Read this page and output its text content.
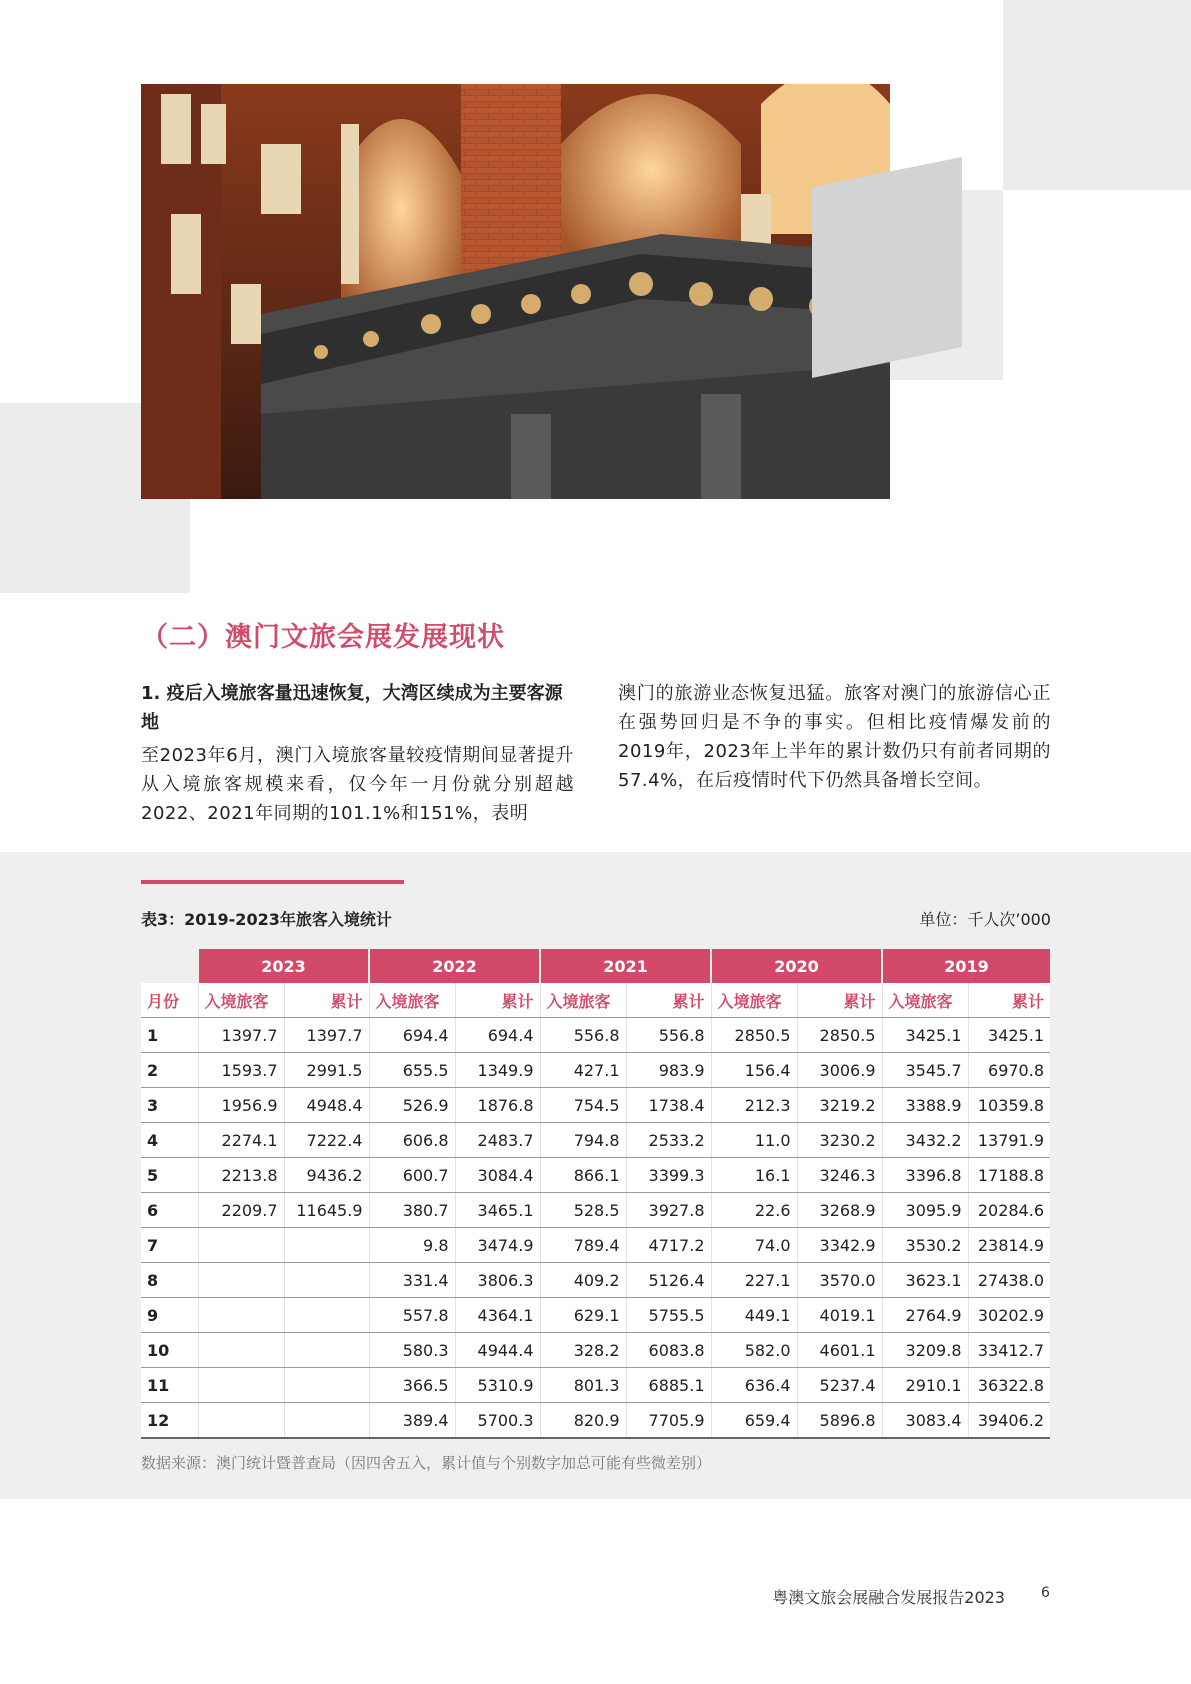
（二）澳门文旅会展发展现状
1. 疫后入境旅客量迅速恢复，大湾区续成为主要客源地

至2023年6月，澳门入境旅客量较疫情期间显著提升从入境旅客规模来看，仅今年一月份就分别超越2022、2021年同期的101.1%和151%，表明

澳门的旅游业态恢复迅猛。旅客对澳门的旅游信心正在强势回归是不争的事实。但相比疫情爆发前的2019年，2023年上半年的累计数仍只有前者同期的57.4%，在后疫情时代下仍然具备增长空间。

表3：2019-2023年旅客入境统计	单位：千人次’000
	2023		2022		2021		2020		2019	
月份	入境旅客	累计	入境旅客	累计	入境旅客	累计	入境旅客	累计	入境旅客	累计
1	1397.7	1397.7	694.4	694.4	556.8	556.8	2850.5	2850.5	3425.1	3425.1
2	1593.7	2991.5	655.5	1349.9	427.1	983.9	156.4	3006.9	3545.7	6970.8
3	1956.9	4948.4	526.9	1876.8	754.5	1738.4	212.3	3219.2	3388.9	10359.8
4	2274.1	7222.4	606.8	2483.7	794.8	2533.2	11.0	3230.2	3432.2	13791.9
5	2213.8	9436.2	600.7	3084.4	866.1	3399.3	16.1	3246.3	3396.8	17188.8
6	2209.7	11645.9	380.7	3465.1	528.5	3927.8	22.6	3268.9	3095.9	20284.6
7			9.8	3474.9	789.4	4717.2	74.0	3342.9	3530.2	23814.9
8			331.4	3806.3	409.2	5126.4	227.1	3570.0	3623.1	27438.0
9			557.8	4364.1	629.1	5755.5	449.1	4019.1	2764.9	30202.9
10			580.3	4944.4	328.2	6083.8	582.0	4601.1	3209.8	33412.7
11			366.5	5310.9	801.3	6885.1	636.4	5237.4	2910.1	36322.8
12			389.4	5700.3	820.9	7705.9	659.4	5896.8	3083.4	39406.2
数据来源：澳门统计暨普查局（因四舍五入，累计值与个别数字加总可能有些微差别）
粤澳文旅会展融合发展报告2023	6
